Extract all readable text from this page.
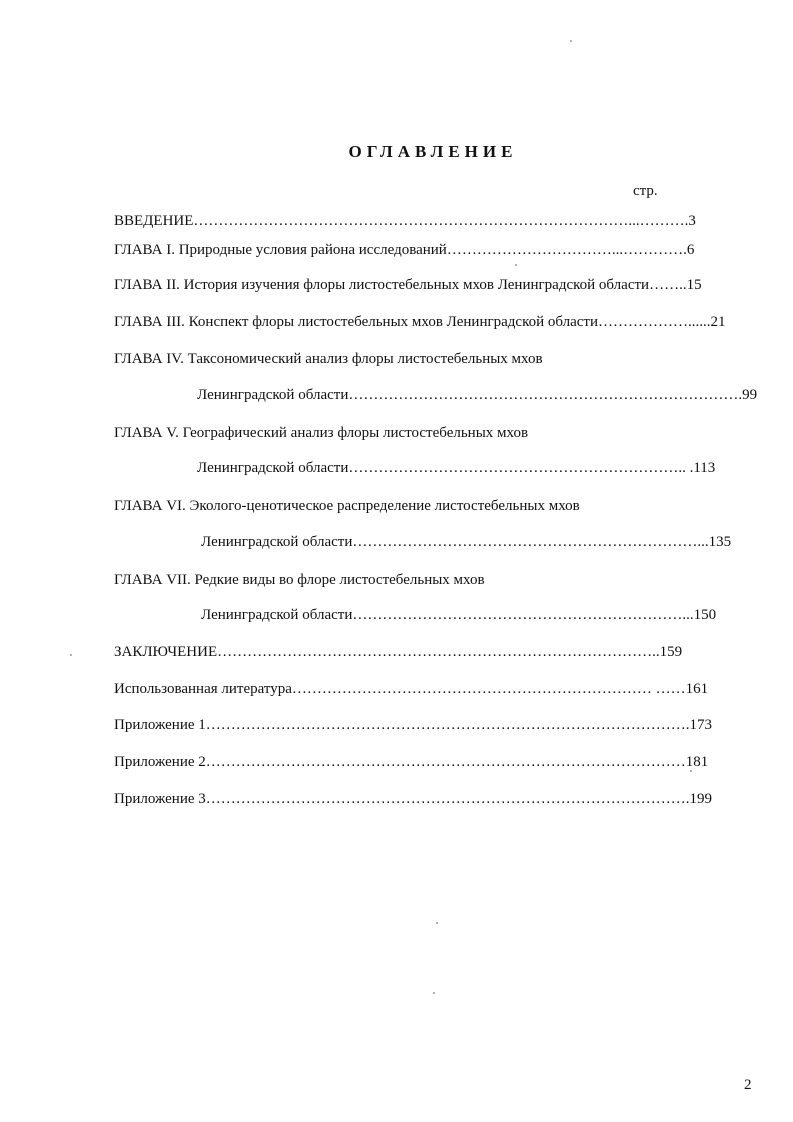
ОГЛАВЛЕНИЕ
стр.
ВВЕДЕНИЕ……………………………………………………………………………...……….3
ГЛАВА I. Природные условия района исследований……………………………...………….6
ГЛАВА II. История изучения флоры листостебельных мхов Ленинградской области……..15
ГЛАВА III. Конспект флоры листостебельных мхов Ленинградской области………………......21
ГЛАВА IV. Таксономический анализ флоры листостебельных мхов
Ленинградской области…………………………………………………………………….99
ГЛАВА V. Географический анализ флоры листостебельных мхов
Ленинградской области………………………………………………………….. .113
ГЛАВА VI. Эколого-ценотическое распределение листостебельных мхов
Ленинградской области……………………………………………………………...135
ГЛАВА VII. Редкие виды во флоре листостебельных мхов
Ленинградской области…………………………………………………………...150
ЗАКЛЮЧЕНИЕ……………………………………………………………………………..159
Использованная литература……………………………………………………………… ……161
Приложение 1…………………………………………………………………………………….173
Приложение 2……………………………………………………………………………………181
Приложение 3…………………………………………………………………………………….199
2
